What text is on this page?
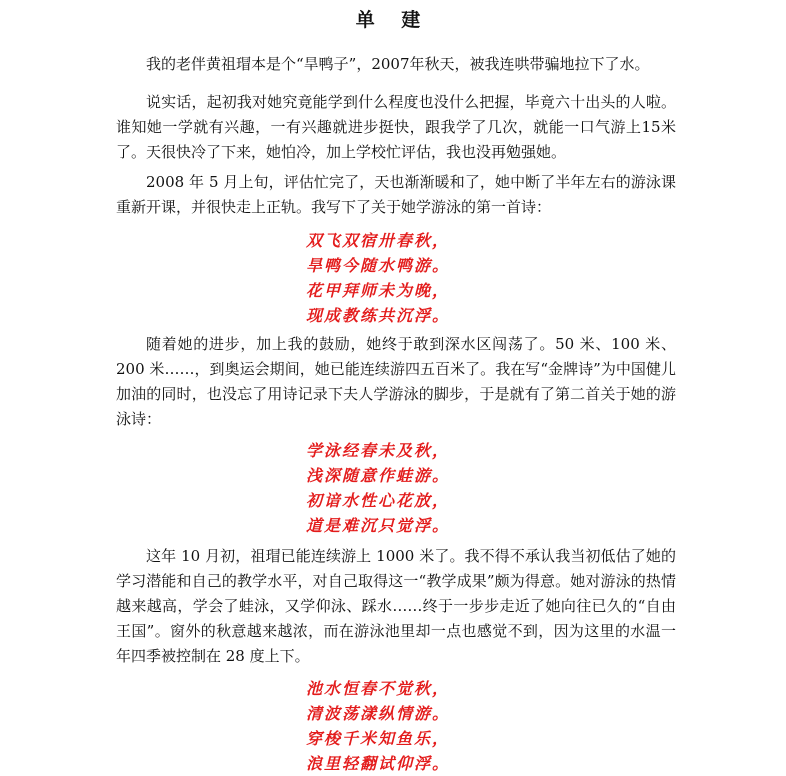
单 建

我的老伴黄祖瑁本是个“旱鸭子”，2007年秋天，被我连哄带骗地拉下了水。

说实话，起初我对她究竟能学到什么程度也没什么把握，毕竟六十出头的人啦。谁知她一学就有兴趣，一有兴趣就进步挺快，跟我学了几次，就能一口气游上15米了。天很快冷了下来，她怕冷，加上学校忙评估，我也没再勉强她。

2008 年 5 月上旬，评估忙完了，天也渐渐暖和了，她中断了半年左右的游泳课重新开课，并很快走上正轨。我写下了关于她学游泳的第一首诗：

双飞双宿卅春秋，
旱鸭今随水鸭游。
花甲拜师未为晚，
现成教练共沉浮。

随着她的进步，加上我的鼓励，她终于敢到深水区闯荡了。50 米、100 米、200 米……，到奥运会期间，她已能连续游四五百米了。我在写“金牌诗”为中国健儿加油的同时，也没忘了用诗记录下夫人学游泳的脚步，于是就有了第二首关于她的游泳诗：

学泳经春未及秋，
浅深随意作蛙游。
初谙水性心花放，
道是难沉只觉浮。

这年 10 月初，祖瑁已能连续游上 1000 米了。我不得不承认我当初低估了她的学习潜能和自己的教学水平，对自己取得这一“教学成果”颇为得意。她对游泳的热情越来越高，学会了蛙泳，又学仰泳、踩水……终于一步步走近了她向往已久的“自由王国”。窗外的秋意越来越浓，而在游泳池里却一点也感觉不到，因为这里的水温一年四季被控制在 28 度上下。

池水恒春不觉秋，
清波荡漾纵情游。
穿梭千米知鱼乐，
浪里轻翻试仰浮。
